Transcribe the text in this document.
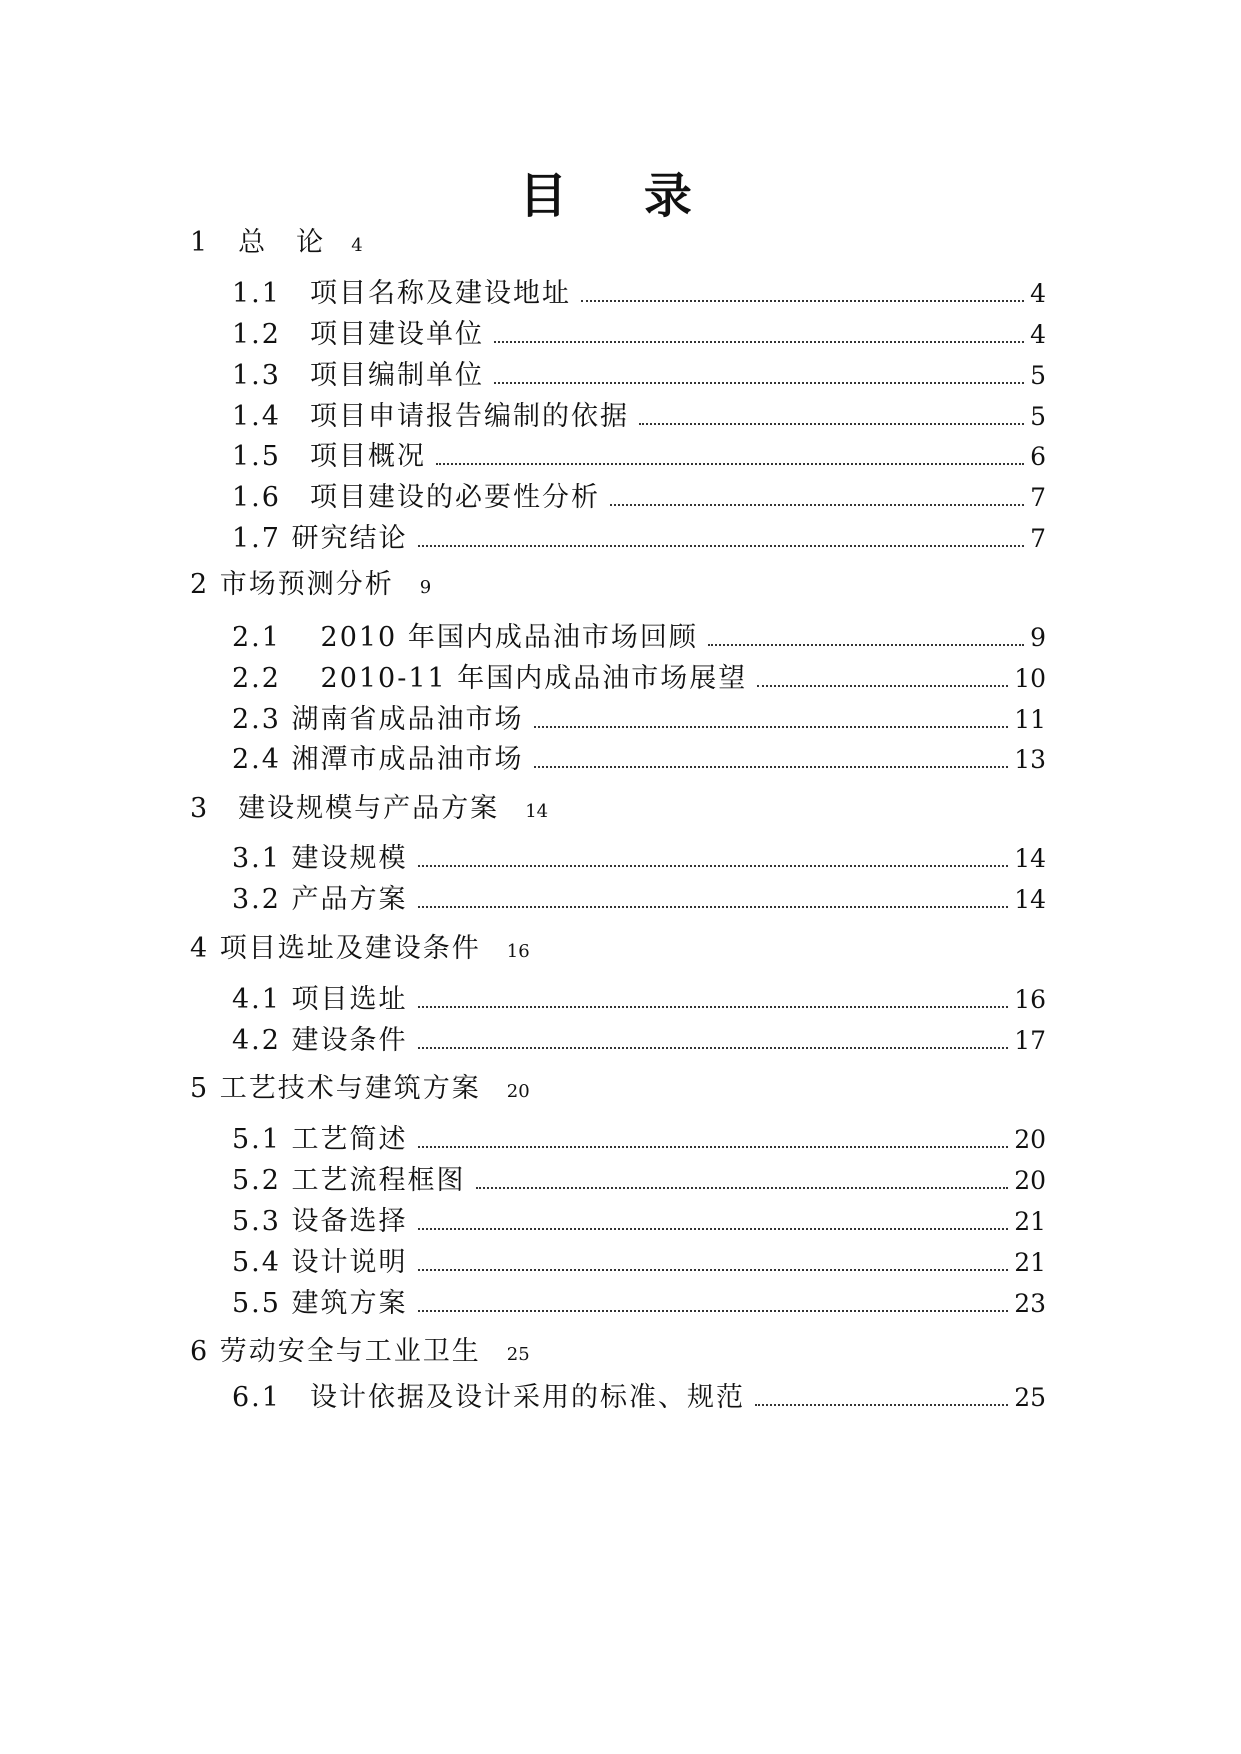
目 录
1　总　论 4
1.1　项目名称及建设地址	4
1.2　项目建设单位	4
1.3　项目编制单位	5
1.4　项目申请报告编制的依据	5
1.5　项目概况	6
1.6　项目建设的必要性分析	7
1.7 研究结论	7
2 市场预测分析 9
2.1　 2010 年国内成品油市场回顾	9
2.2　 2010-11 年国内成品油市场展望	10
2.3 湖南省成品油市场	11
2.4 湘潭市成品油市场	13
3　建设规模与产品方案 14
3.1 建设规模	14
3.2 产品方案	14
4 项目选址及建设条件 16
4.1 项目选址	16
4.2 建设条件	17
5 工艺技术与建筑方案 20
5.1 工艺简述	20
5.2 工艺流程框图	20
5.3 设备选择	21
5.4 设计说明	21
5.5 建筑方案	23
6 劳动安全与工业卫生 25
6.1　设计依据及设计采用的标准、规范	25
